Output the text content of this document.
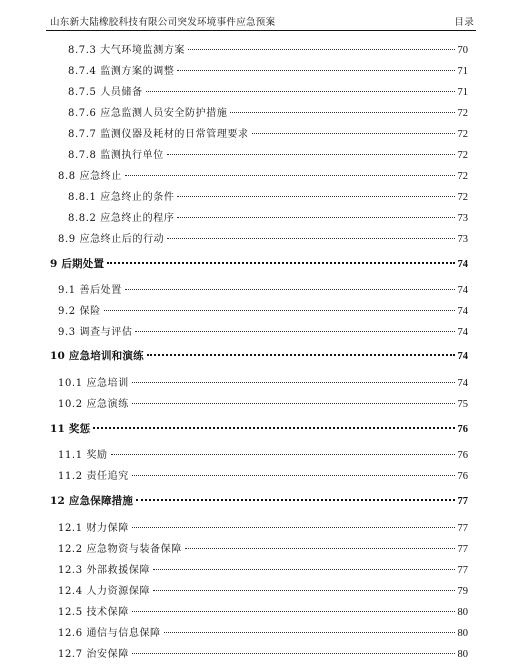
山东新大陆橡胶科技有限公司突发环境事件应急预案	目录
8.7.3 大气环境监测方案	70
8.7.4 监测方案的调整	71
8.7.5 人员储备	71
8.7.6 应急监测人员安全防护措施	72
8.7.7 监测仪器及耗材的日常管理要求	72
8.7.8 监测执行单位	72
8.8 应急终止	72
8.8.1 应急终止的条件	72
8.8.2 应急终止的程序	73
8.9 应急终止后的行动	73
9 后期处置	74
9.1 善后处置	74
9.2 保险	74
9.3 调查与评估	74
10 应急培训和演练	74
10.1 应急培训	74
10.2 应急演练	75
11 奖惩	76
11.1 奖励	76
11.2 责任追究	76
12 应急保障措施	77
12.1 财力保障	77
12.2 应急物资与装备保障	77
12.3 外部救援保障	77
12.4 人力资源保障	79
12.5 技术保障	80
12.6 通信与信息保障	80
12.7 治安保障	80
